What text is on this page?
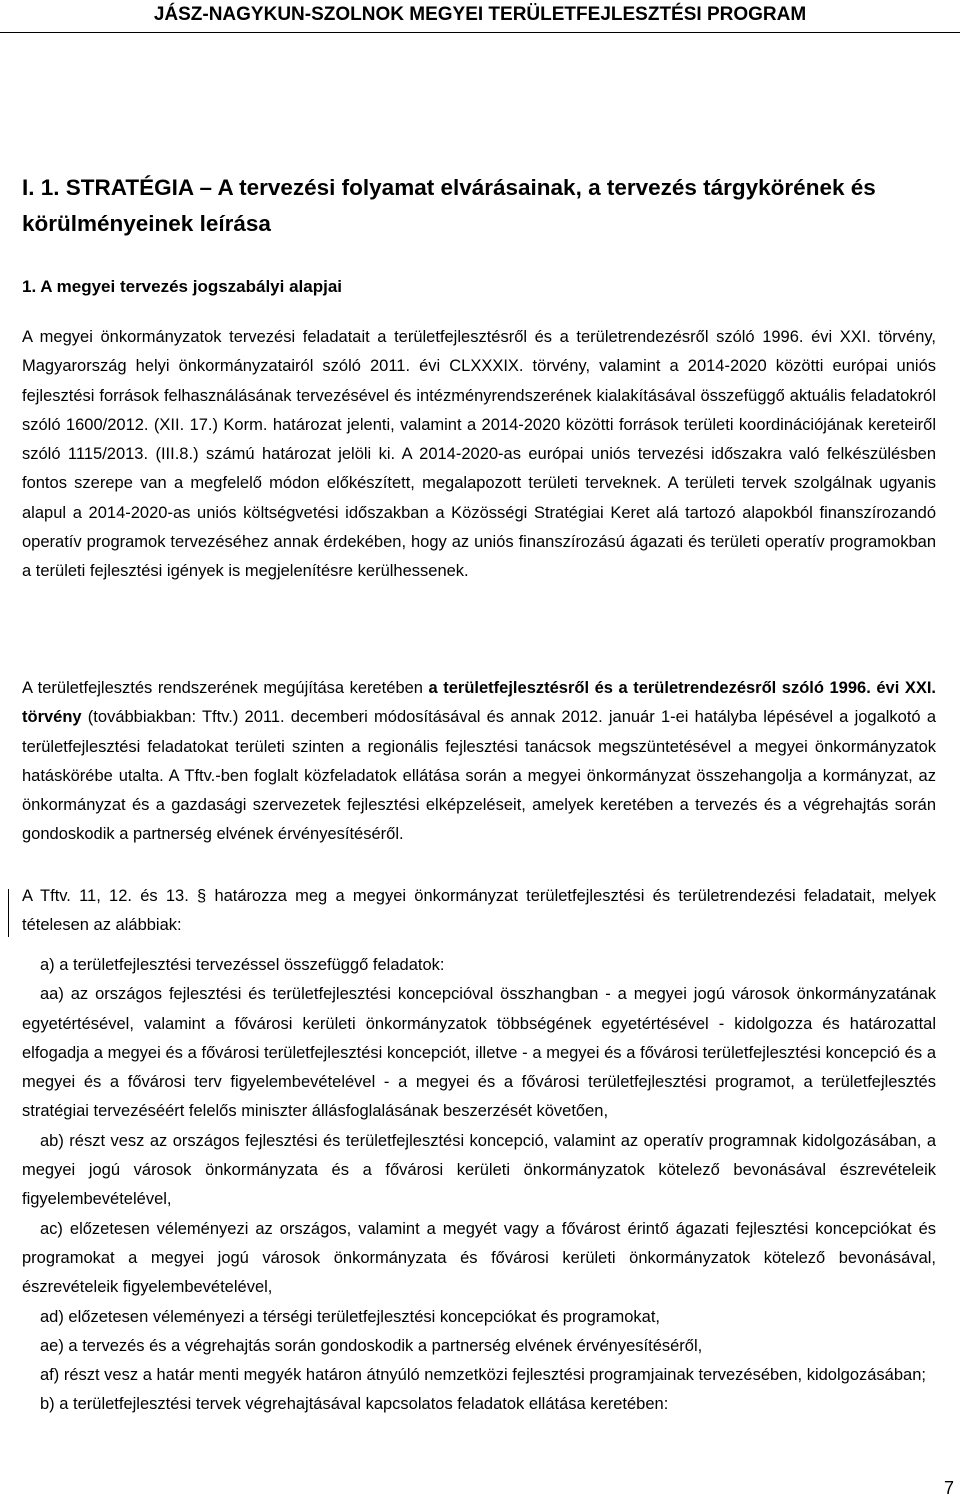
JÁSZ-NAGYKUN-SZOLNOK MEGYEI TERÜLETFEJLESZTÉSI PROGRAM
I. 1. STRATÉGIA – A tervezési folyamat elvárásainak, a tervezés tárgykörének és körülményeinek leírása
1. A megyei tervezés jogszabályi alapjai
A megyei önkormányzatok tervezési feladatait a területfejlesztésről és a területrendezésről szóló 1996. évi XXI. törvény, Magyarország helyi önkormányzatairól szóló 2011. évi CLXXXIX. törvény, valamint a 2014-2020 közötti európai uniós fejlesztési források felhasználásának tervezésével és intézményrendszerének kialakításával összefüggő aktuális feladatokról szóló 1600/2012. (XII. 17.) Korm. határozat jelenti, valamint a 2014-2020 közötti források területi koordinációjának kereteiről szóló 1115/2013. (III.8.) számú határozat jelöli ki. A 2014-2020-as európai uniós tervezési időszakra való felkészülésben fontos szerepe van a megfelelő módon előkészített, megalapozott területi terveknek. A területi tervek szolgálnak ugyanis alapul a 2014-2020-as uniós költségvetési időszakban a Közösségi Stratégiai Keret alá tartozó alapokból finanszírozandó operatív programok tervezéséhez annak érdekében, hogy az uniós finanszírozású ágazati és területi operatív programokban a területi fejlesztési igények is megjelenítésre kerülhessenek.
A területfejlesztés rendszerének megújítása keretében a területfejlesztésről és a területrendezésről szóló 1996. évi XXI. törvény (továbbiakban: Tftv.) 2011. decemberi módosításával és annak 2012. január 1-ei hatályba lépésével a jogalkotó a területfejlesztési feladatokat területi szinten a regionális fejlesztési tanácsok megszüntetésével a megyei önkormányzatok hatáskörébe utalta. A Tftv.-ben foglalt közfeladatok ellátása során a megyei önkormányzat összehangolja a kormányzat, az önkormányzat és a gazdasági szervezetek fejlesztési elképzeléseit, amelyek keretében a tervezés és a végrehajtás során gondoskodik a partnerség elvének érvényesítéséről.
A Tftv. 11, 12. és 13. § határozza meg a megyei önkormányzat területfejlesztési és területrendezési feladatait, melyek tételesen az alábbiak:
a) a területfejlesztési tervezéssel összefüggő feladatok:
aa) az országos fejlesztési és területfejlesztési koncepcióval összhangban - a megyei jogú városok önkormányzatának egyetértésével, valamint a fővárosi kerületi önkormányzatok többségének egyetértésével - kidolgozza és határozattal elfogadja a megyei és a fővárosi területfejlesztési koncepciót, illetve - a megyei és a fővárosi területfejlesztési koncepció és a megyei és a fővárosi terv figyelembevételével - a megyei és a fővárosi területfejlesztési programot, a területfejlesztés stratégiai tervezéséért felelős miniszter állásfoglalásának beszerzését követően,
ab) részt vesz az országos fejlesztési és területfejlesztési koncepció, valamint az operatív programnak kidolgozásában, a megyei jogú városok önkormányzata és a fővárosi kerületi önkormányzatok kötelező bevonásával észrevételeik figyelembevételével,
ac) előzetesen véleményezi az országos, valamint a megyét vagy a fővárost érintő ágazati fejlesztési koncepciókat és programokat a megyei jogú városok önkormányzata és fővárosi kerületi önkormányzatok kötelező bevonásával, észrevételeik figyelembevételével,
ad) előzetesen véleményezi a térségi területfejlesztési koncepciókat és programokat,
ae) a tervezés és a végrehajtás során gondoskodik a partnerség elvének érvényesítéséről,
af) részt vesz a határ menti megyék határon átnyúló nemzetközi fejlesztési programjainak tervezésében, kidolgozásában;
b) a területfejlesztési tervek végrehajtásával kapcsolatos feladatok ellátása keretében:
7
